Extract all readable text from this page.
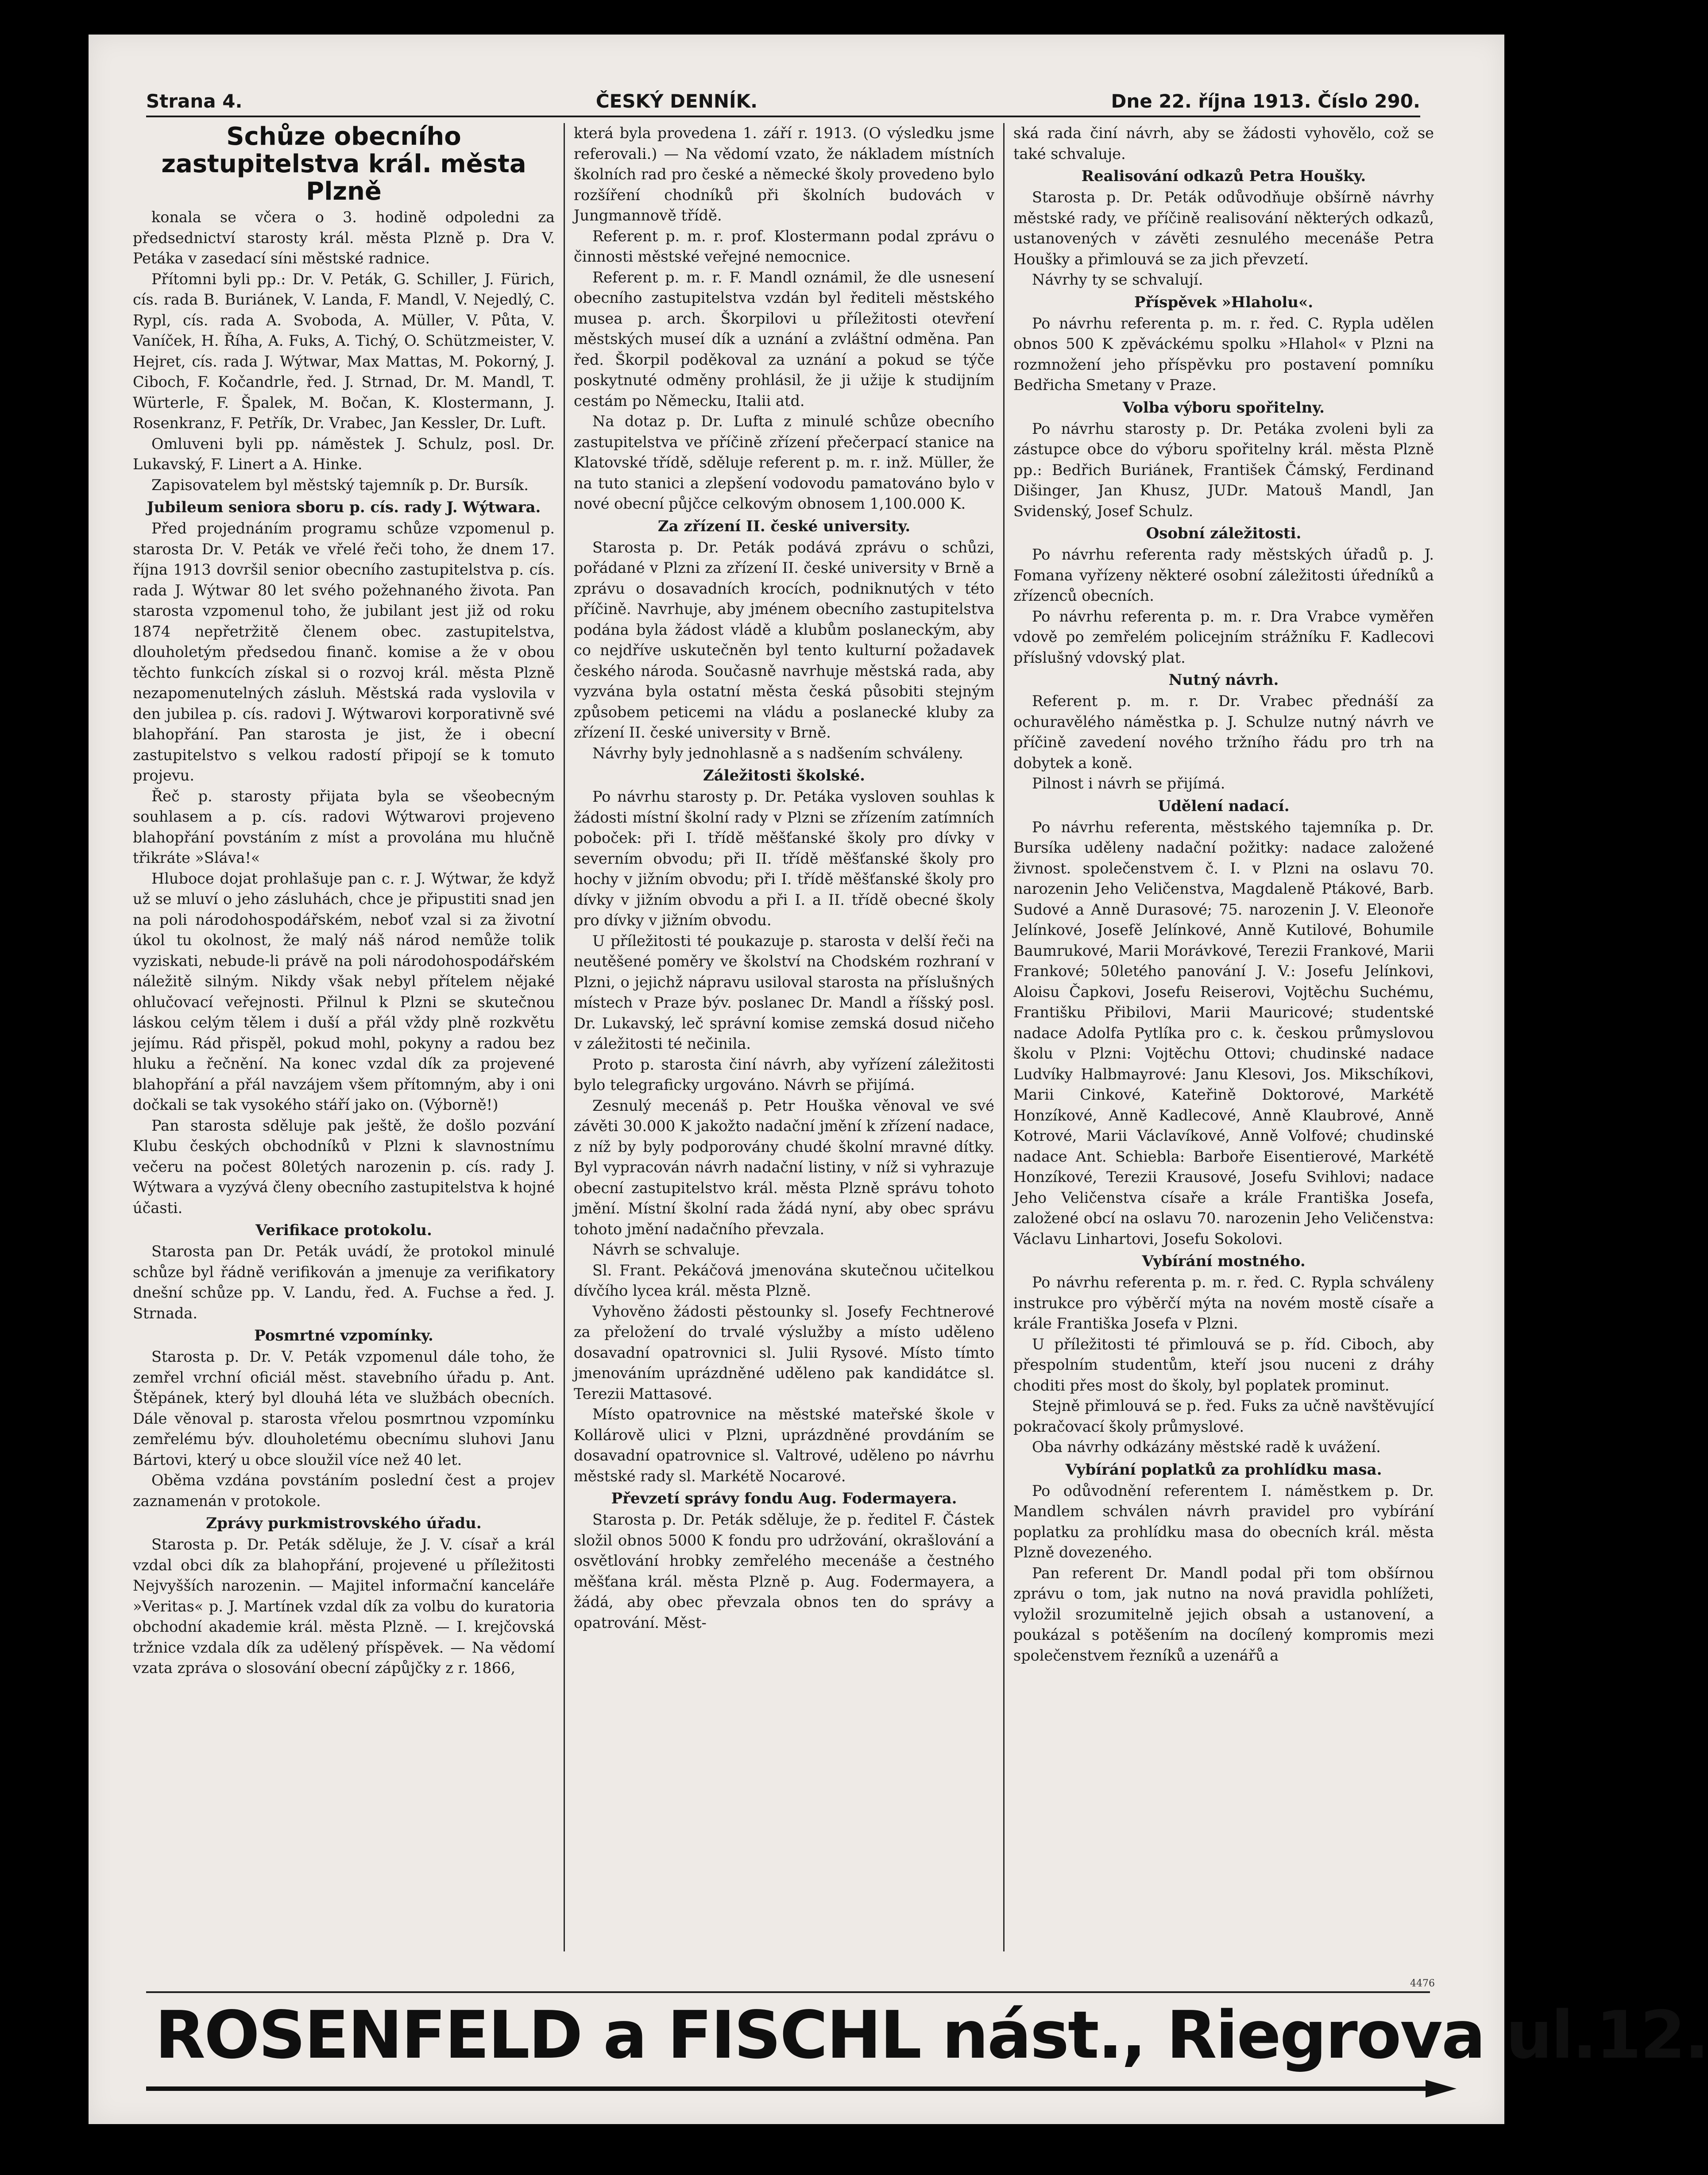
Strana 4.	ČESKÝ DENNÍK.	Dne 22. října 1913. Číslo 290.
Schůze obecního zastupitelstva král. města Plzně

konala se včera o 3. hodině odpoledni za předsednictví starosty král. města Plzně p. Dra V. Petáka v zasedací síni městské radnice.

Přítomni byli pp.: Dr. V. Peták, G. Schiller, J. Fürich, cís. rada B. Buriánek, V. Landa, F. Mandl, V. Nejedlý, C. Rypl, cís. rada A. Svoboda, A. Müller, V. Půta, V. Vaníček, H. Říha, A. Fuks, A. Tichý, O. Schützmeister, V. Hejret, cís. rada J. Wýtwar, Max Mattas, M. Pokorný, J. Ciboch, F. Kočandrle, řed. J. Strnad, Dr. M. Mandl, T. Würterle, F. Špalek, M. Bočan, K. Klostermann, J. Rosenkranz, F. Petřík, Dr. Vrabec, Jan Kessler, Dr. Luft.

Omluveni byli pp. náměstek J. Schulz, posl. Dr. Lukavský, F. Linert a A. Hinke.

Zapisovatelem byl městský tajemník p. Dr. Bursík.

Jubileum seniora sboru p. cís. rady J. Wýtwara.

Před projednáním programu schůze vzpomenul p. starosta Dr. V. Peták ve vřelé řeči toho, že dnem 17. října 1913 dovršil senior obecního zastupitelstva p. cís. rada J. Wýtwar 80 let svého požehnaného života. Pan starosta vzpomenul toho, že jubilant jest již od roku 1874 nepřetržitě členem obec. zastupitelstva, dlouholetým předsedou finanč. komise a že v obou těchto funkcích získal si o rozvoj král. města Plzně nezapomenutelných zásluh. Městská rada vyslovila v den jubilea p. cís. radovi J. Wýtwarovi korporativně své blahopřání. Pan starosta je jist, že i obecní zastupitelstvo s velkou radostí připojí se k tomuto projevu.

Řeč p. starosty přijata byla se všeobecným souhlasem a p. cís. radovi Wýtwarovi projeveno blahopřání povstáním z míst a provolána mu hlučně třikráte »Sláva!«

Hluboce dojat prohlašuje pan c. r. J. Wýtwar, že když už se mluví o jeho zásluhách, chce je připustiti snad jen na poli národohospodářském, neboť vzal si za životní úkol tu okolnost, že malý náš národ nemůže tolik vyziskati, nebude-li právě na poli národohospodářském náležitě silným. Nikdy však nebyl přítelem nějaké ohlučovací veřejnosti. Přilnul k Plzni se skutečnou láskou celým tělem i duší a přál vždy plně rozkvětu jejímu. Rád přispěl, pokud mohl, pokyny a radou bez hluku a řečnění. Na konec vzdal dík za projevené blahopřání a přál navzájem všem přítomným, aby i oni dočkali se tak vysokého stáří jako on. (Výborně!)

Pan starosta sděluje pak ještě, že došlo pozvání Klubu českých obchodníků v Plzni k slavnostnímu večeru na počest 80letých narozenin p. cís. rady J. Wýtwara a vyzývá členy obecního zastupitelstva k hojné účasti.

Verifikace protokolu.

Starosta pan Dr. Peták uvádí, že protokol minulé schůze byl řádně verifikován a jmenuje za verifikatory dnešní schůze pp. V. Landu, řed. A. Fuchse a řed. J. Strnada.

Posmrtné vzpomínky.

Starosta p. Dr. V. Peták vzpomenul dále toho, že zemřel vrchní oficiál měst. stavebního úřadu p. Ant. Štěpánek, který byl dlouhá léta ve službách obecních. Dále věnoval p. starosta vřelou posmrtnou vzpomínku zemřelému býv. dlouholetému obecnímu sluhovi Janu Bártovi, který u obce sloužil více než 40 let.

Oběma vzdána povstáním poslední čest a projev zaznamenán v protokole.

Zprávy purkmistrovského úřadu.

Starosta p. Dr. Peták sděluje, že J. V. císař a král vzdal obci dík za blahopřání, projevené u příležitosti Nejvyšších narozenin. — Majitel informační kanceláře »Veritas« p. J. Martínek vzdal dík za volbu do kuratoria obchodní akademie král. města Plzně. — I. krejčovská tržnice vzdala dík za udělený příspěvek. — Na vědomí vzata zpráva o slosování obecní zápůjčky z r. 1866,

která byla provedena 1. září r. 1913. (O výsledku jsme referovali.) — Na vědomí vzato, že nákladem místních školních rad pro české a německé školy provedeno bylo rozšíření chodníků při školních budovách v Jungmannově třídě.

Referent p. m. r. prof. Klostermann podal zprávu o činnosti městské veřejné nemocnice.

Referent p. m. r. F. Mandl oznámil, že dle usnesení obecního zastupitelstva vzdán byl řediteli městského musea p. arch. Škorpilovi u příležitosti otevření městských museí dík a uznání a zvláštní odměna. Pan řed. Škorpil poděkoval za uznání a pokud se týče poskytnuté odměny prohlásil, že ji užije k studijním cestám po Německu, Italii atd.

Na dotaz p. Dr. Lufta z minulé schůze obecního zastupitelstva ve příčině zřízení přečerpací stanice na Klatovské třídě, sděluje referent p. m. r. inž. Müller, že na tuto stanici a zlepšení vodovodu pamatováno bylo v nové obecní půjčce celkovým obnosem 1,100.000 K.

Za zřízení II. české university.

Starosta p. Dr. Peták podává zprávu o schůzi, pořádané v Plzni za zřízení II. české university v Brně a zprávu o dosavadních krocích, podniknutých v této příčině. Navrhuje, aby jménem obecního zastupitelstva podána byla žádost vládě a klubům poslaneckým, aby co nejdříve uskutečněn byl tento kulturní požadavek českého národa. Současně navrhuje městská rada, aby vyzvána byla ostatní města česká působiti stejným způsobem peticemi na vládu a poslanecké kluby za zřízení II. české university v Brně.

Návrhy byly jednohlasně a s nadšením schváleny.

Záležitosti školské.

Po návrhu starosty p. Dr. Petáka vysloven souhlas k žádosti místní školní rady v Plzni se zřízením zatímních poboček: při I. třídě měšťanské školy pro dívky v severním obvodu; při II. třídě měšťanské školy pro hochy v jižním obvodu; při I. třídě měšťanské školy pro dívky v jižním obvodu a při I. a II. třídě obecné školy pro dívky v jižním obvodu.

U příležitosti té poukazuje p. starosta v delší řeči na neutěšené poměry ve školství na Chodském rozhraní v Plzni, o jejichž nápravu usiloval starosta na příslušných místech v Praze býv. poslanec Dr. Mandl a říšský posl. Dr. Lukavský, leč správní komise zemská dosud ničeho v záležitosti té nečinila.

Proto p. starosta činí návrh, aby vyřízení záležitosti bylo telegraficky urgováno. Návrh se přijímá.

Zesnulý mecenáš p. Petr Houška věnoval ve své závěti 30.000 K jakožto nadační jmění k zřízení nadace, z níž by byly podporovány chudé školní mravné dítky. Byl vypracován návrh nadační listiny, v níž si vyhrazuje obecní zastupitelstvo král. města Plzně správu tohoto jmění. Místní školní rada žádá nyní, aby obec správu tohoto jmění nadačního převzala.

Návrh se schvaluje.

Sl. Frant. Pekáčová jmenována skutečnou učitelkou dívčího lycea král. města Plzně.

Vyhověno žádosti pěstounky sl. Josefy Fechtnerové za přeložení do trvalé výslužby a místo uděleno dosavadní opatrovnici sl. Julii Rysové. Místo tímto jmenováním uprázdněné uděleno pak kandidátce sl. Terezii Mattasové.

Místo opatrovnice na městské mateřské škole v Kollárově ulici v Plzni, uprázdněné provdáním se dosavadní opatrovnice sl. Valtrové, uděleno po návrhu městské rady sl. Markétě Nocarové.

Převzetí správy fondu Aug. Fodermayera.

Starosta p. Dr. Peták sděluje, že p. ředitel F. Částek složil obnos 5000 K fondu pro udržování, okrašlování a osvětlování hrobky zemřelého mecenáše a čestného měšťana král. města Plzně p. Aug. Fodermayera, a žádá, aby obec převzala obnos ten do správy a opatrování. Měst-

ská rada činí návrh, aby se žádosti vyhovělo, což se také schvaluje.

Realisování odkazů Petra Houšky.

Starosta p. Dr. Peták odůvodňuje obšírně návrhy městské rady, ve příčině realisování některých odkazů, ustanovených v závěti zesnulého mecenáše Petra Houšky a přimlouvá se za jich převzetí.

Návrhy ty se schvalují.

Příspěvek »Hlaholu«.

Po návrhu referenta p. m. r. řed. C. Rypla udělen obnos 500 K zpěváckému spolku »Hlahol« v Plzni na rozmnožení jeho příspěvku pro postavení pomníku Bedřicha Smetany v Praze.

Volba výboru spořitelny.

Po návrhu starosty p. Dr. Petáka zvoleni byli za zástupce obce do výboru spořitelny král. města Plzně pp.: Bedřich Buriánek, František Čámský, Ferdinand Dišinger, Jan Khusz, JUDr. Matouš Mandl, Jan Svidenský, Josef Schulz.

Osobní záležitosti.

Po návrhu referenta rady městských úřadů p. J. Fomana vyřízeny některé osobní záležitosti úředníků a zřízenců obecních.

Po návrhu referenta p. m. r. Dra Vrabce vyměřen vdově po zemřelém policejním strážníku F. Kadlecovi příslušný vdovský plat.

Nutný návrh.

Referent p. m. r. Dr. Vrabec přednáší za ochuravělého náměstka p. J. Schulze nutný návrh ve příčině zavedení nového tržního řádu pro trh na dobytek a koně.

Pilnost i návrh se přijímá.

Udělení nadací.

Po návrhu referenta, městského tajemníka p. Dr. Bursíka uděleny nadační požitky: nadace založené živnost. společenstvem č. I. v Plzni na oslavu 70. narozenin Jeho Veličenstva, Magdaleně Ptákové, Barb. Sudové a Anně Durasové; 75. narozenin J. V. Eleonoře Jelínkové, Josefě Jelínkové, Anně Kutilové, Bohumile Baumrukové, Marii Morávkové, Terezii Frankové, Marii Frankové; 50letého panování J. V.: Josefu Jelínkovi, Aloisu Čapkovi, Josefu Reiserovi, Vojtěchu Suchému, Františku Přibilovi, Marii Mauricové; studentské nadace Adolfa Pytlíka pro c. k. českou průmyslovou školu v Plzni: Vojtěchu Ottovi; chudinské nadace Ludvíky Halbmayrové: Janu Klesovi, Jos. Mikschíkovi, Marii Cinkové, Kateřině Doktorové, Markétě Honzíkové, Anně Kadlecové, Anně Klaubrové, Anně Kotrové, Marii Václavíkové, Anně Volfové; chudinské nadace Ant. Schiebla: Barboře Eisentierové, Markétě Honzíkové, Terezii Krausové, Josefu Svihlovi; nadace Jeho Veličenstva císaře a krále Františka Josefa, založené obcí na oslavu 70. narozenin Jeho Veličenstva: Václavu Linhartovi, Josefu Sokolovi.

Vybírání mostného.

Po návrhu referenta p. m. r. řed. C. Rypla schváleny instrukce pro výběrčí mýta na novém mostě císaře a krále Františka Josefa v Plzni.

U příležitosti té přimlouvá se p. říd. Ciboch, aby přespolním studentům, kteří jsou nuceni z dráhy choditi přes most do školy, byl poplatek prominut.

Stejně přimlouvá se p. řed. Fuks za učně navštěvující pokračovací školy průmyslové.

Oba návrhy odkázány městské radě k uvážení.

Vybírání poplatků za prohlídku masa.

Po odůvodnění referentem I. náměstkem p. Dr. Mandlem schválen návrh pravidel pro vybírání poplatku za prohlídku masa do obecních král. města Plzně dovezeného.

Pan referent Dr. Mandl podal při tom obšírnou zprávu o tom, jak nutno na nová pravidla pohlížeti, vyložil srozumitelně jejich obsah a ustanovení, a poukázal s potěšením na docílený kompromis mezi společenstvem řezníků a uzenářů a

4476
ROSENFELD a FISCHL nást., Riegrova ul.12.
